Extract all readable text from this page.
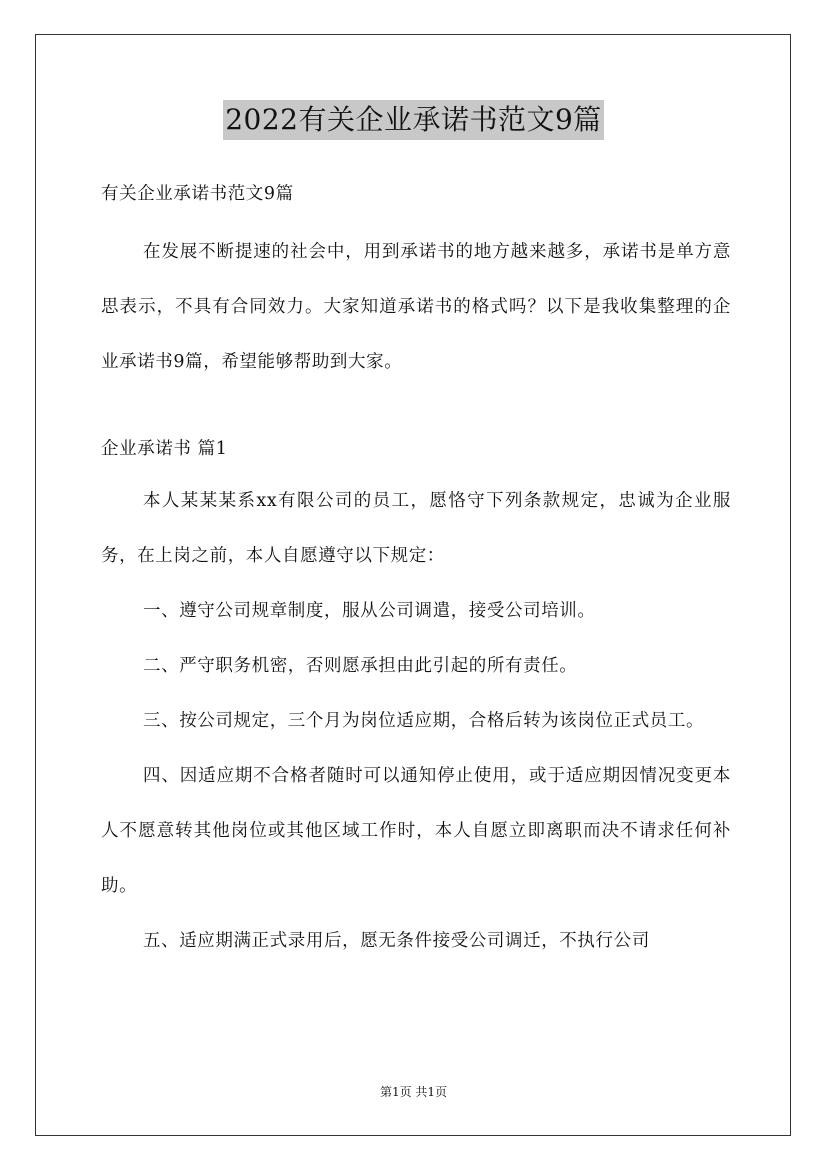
2022有关企业承诺书范文9篇
有关企业承诺书范文9篇

在发展不断提速的社会中，用到承诺书的地方越来越多，承诺书是单方意思表示，不具有合同效力。大家知道承诺书的格式吗？以下是我收集整理的企业承诺书9篇，希望能够帮助到大家。

企业承诺书 篇1

本人某某某系xx有限公司的员工，愿恪守下列条款规定，忠诚为企业服务，在上岗之前，本人自愿遵守以下规定：

一、遵守公司规章制度，服从公司调遣，接受公司培训。

二、严守职务机密，否则愿承担由此引起的所有责任。

三、按公司规定，三个月为岗位适应期，合格后转为该岗位正式员工。

四、因适应期不合格者随时可以通知停止使用，或于适应期因情况变更本人不愿意转其他岗位或其他区域工作时，本人自愿立即离职而决不请求任何补助。

五、适应期满正式录用后，愿无条件接受公司调迁，不执行公司

第1页 共1页
